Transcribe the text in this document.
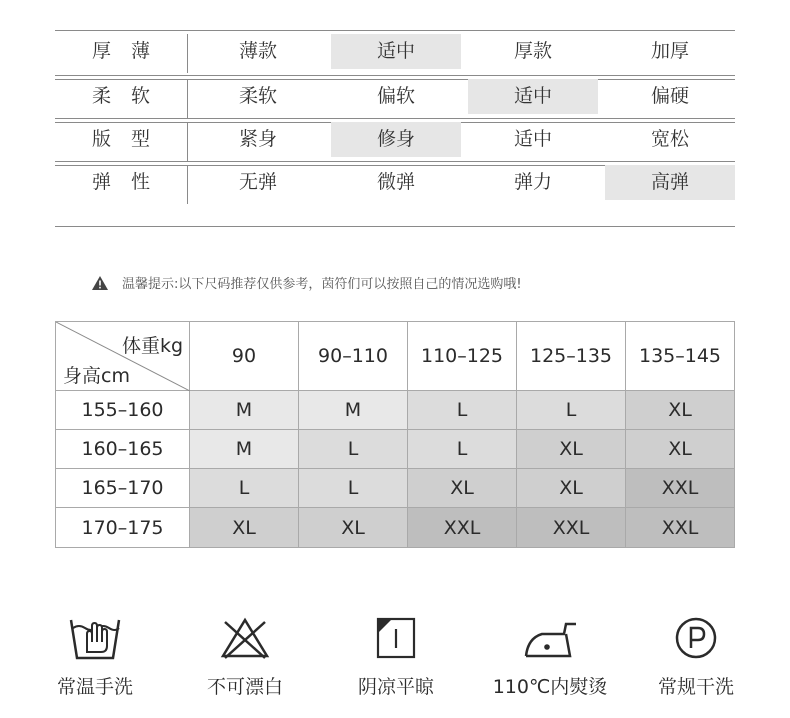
厚薄	薄款	适中	厚款	加厚
柔软	柔软	偏软	适中	偏硬
版型	紧身	修身	适中	宽松
弹性	无弹	微弹	弹力	高弹
温馨提示:以下尺码推荐仅供参考，茵符们可以按照自己的情况选购哦!
体重kg
身高cm
90	90–110	110–125	125–135	135–145
155–160	M	M	L	L	XL
160–165	M	L	L	XL	XL
165–170	L	L	XL	XL	XXL
170–175	XL	XL	XXL	XXL	XXL
常温手洗	不可漂白	阴凉平晾	110℃内熨烫	常规干洗
